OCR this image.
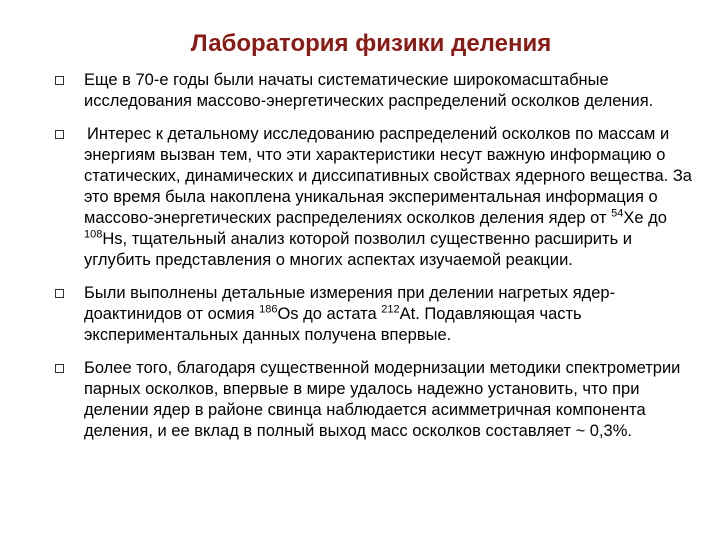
Лаборатория физики деления
Еще в 70-е годы были начаты систематические широкомасштабные исследования массово-энергетических распределений осколков деления.
Интерес к детальному исследованию распределений осколков по массам и энергиям вызван тем, что эти характеристики несут важную информацию о статических, динамических и диссипативных свойствах ядерного вещества. За это время была накоплена уникальная экспериментальная информация о массово-энергетических распределениях осколков деления ядер от $^{54}$Xe до $^{108}$Hs, тщательный анализ которой позволил существенно расширить и углубить представления о многих аспектах изучаемой реакции.
Были выполнены детальные измерения при делении нагретых ядер-доактинидов от осмия $^{186}$Os до астата $^{212}$At. Подавляющая часть экспериментальных данных получена впервые.
Более того, благодаря существенной модернизации методики спектрометрии парных осколков, впервые в мире удалось надежно установить, что при делении ядер в районе свинца наблюдается асимметричная компонента деления, и ее вклад в полный выход масс осколков составляет ~ 0,3%.
